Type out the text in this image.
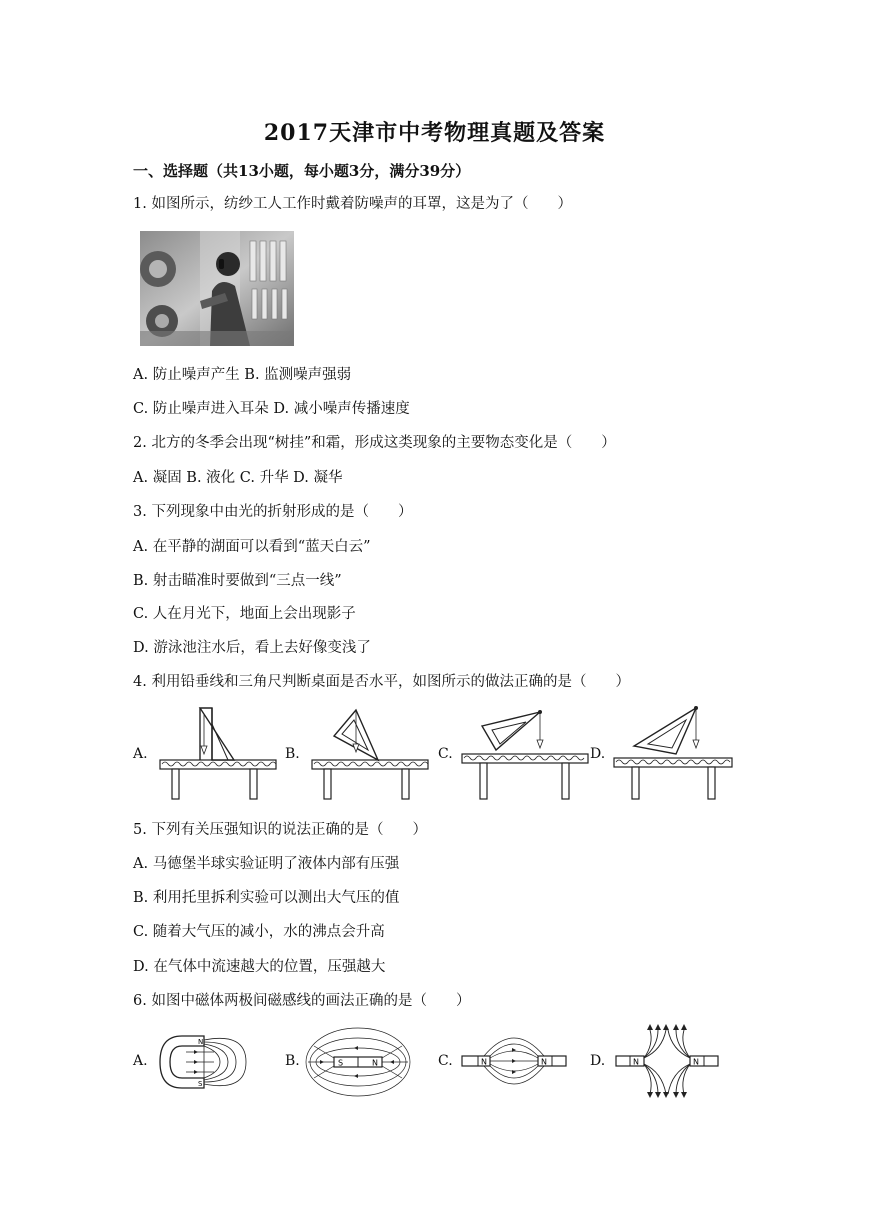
2017天津市中考物理真题及答案
一、选择题（共13小题，每小题3分，满分39分）
1. 如图所示，纺纱工人工作时戴着防噪声的耳罩，这是为了（　　）
A. 防止噪声产生 B. 监测噪声强弱
C. 防止噪声进入耳朵 D. 减小噪声传播速度
2. 北方的冬季会出现“树挂”和霜，形成这类现象的主要物态变化是（　　）
A. 凝固 B. 液化 C. 升华 D. 凝华
3. 下列现象中由光的折射形成的是（　　）
A. 在平静的湖面可以看到“蓝天白云”
B. 射击瞄准时要做到“三点一线”
C. 人在月光下，地面上会出现影子
D. 游泳池注水后，看上去好像变浅了
4. 利用铅垂线和三角尺判断桌面是否水平，如图所示的做法正确的是（　　）
A.	B.	C.	D.
5. 下列有关压强知识的说法正确的是（　　）
A. 马德堡半球实验证明了液体内部有压强
B. 利用托里拆利实验可以测出大气压的值
C. 随着大气压的减小，水的沸点会升高
D. 在气体中流速越大的位置，压强越大
6. 如图中磁体两极间磁感线的画法正确的是（　　）
A.	B.	C.	D.
N
S
S	N	N	N	N	N
